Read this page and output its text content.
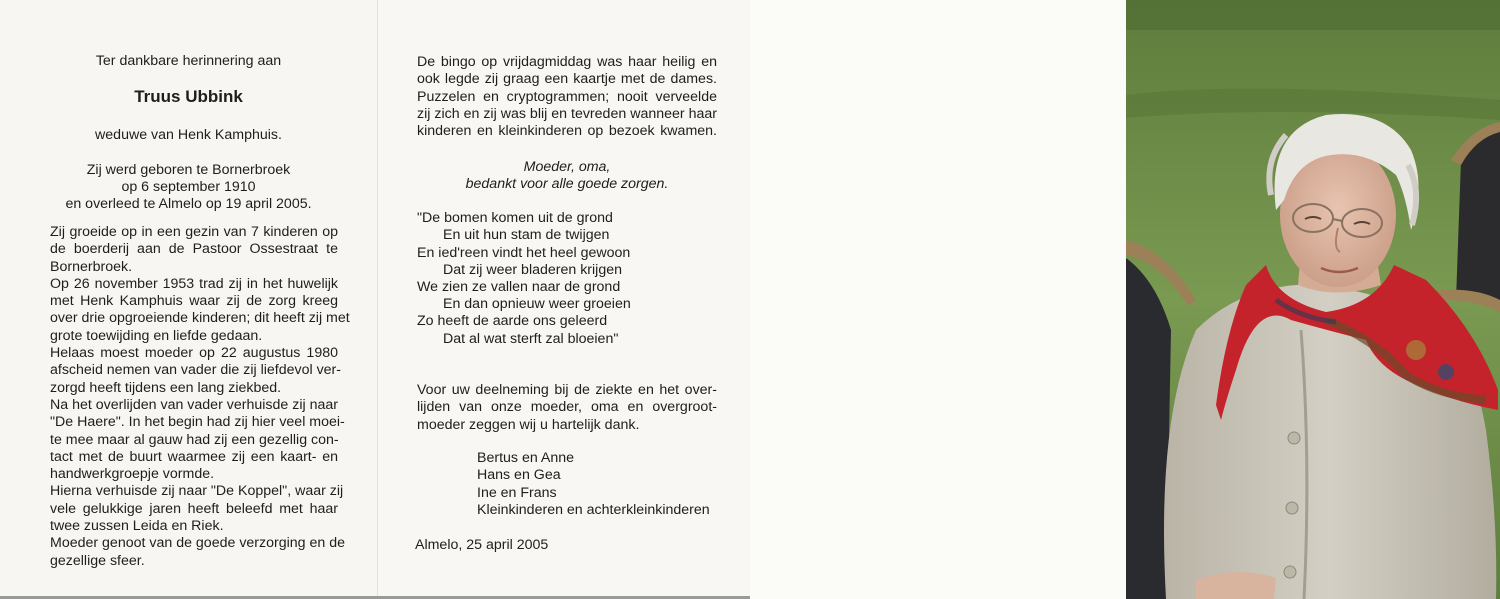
Ter dankbare herinnering aan
Truus Ubbink
weduwe van Henk Kamphuis.
Zij werd geboren te Bornerbroek
op 6 september 1910
en overleed te Almelo op 19 april 2005.
Zij groeide op in een gezin van 7 kinderen op
de boerderij aan de Pastoor Ossestraat te
Bornerbroek.
Op 26 november 1953 trad zij in het huwelijk
met Henk Kamphuis waar zij de zorg kreeg
over drie opgroeiende kinderen; dit heeft zij met
grote toewijding en liefde gedaan.
Helaas moest moeder op 22 augustus 1980
afscheid nemen van vader die zij liefdevol ver-
zorgd heeft tijdens een lang ziekbed.
Na het overlijden van vader verhuisde zij naar
"De Haere". In het begin had zij hier veel moei-
te mee maar al gauw had zij een gezellig con-
tact met de buurt waarmee zij een kaart- en
handwerkgroepje vormde.
Hierna verhuisde zij naar "De Koppel", waar zij
vele gelukkige jaren heeft beleefd met haar
twee zussen Leida en Riek.
Moeder genoot van de goede verzorging en de
gezellige sfeer.
De bingo op vrijdagmiddag was haar heilig en
ook legde zij graag een kaartje met de dames.
Puzzelen en cryptogrammen; nooit verveelde
zij zich en zij was blij en tevreden wanneer haar
kinderen en kleinkinderen op bezoek kwamen.
Moeder, oma,
bedankt voor alle goede zorgen.
"De bomen komen uit de grond
En uit hun stam de twijgen
En ied'reen vindt het heel gewoon
Dat zij weer bladeren krijgen
We zien ze vallen naar de grond
En dan opnieuw weer groeien
Zo heeft de aarde ons geleerd
Dat al wat sterft zal bloeien"
Voor uw deelneming bij de ziekte en het over-
lijden van onze moeder, oma en overgroot-
moeder zeggen wij u hartelijk dank.
Bertus en Anne
Hans en Gea
Ine en Frans
Kleinkinderen en achterkleinkinderen
Almelo, 25 april 2005
